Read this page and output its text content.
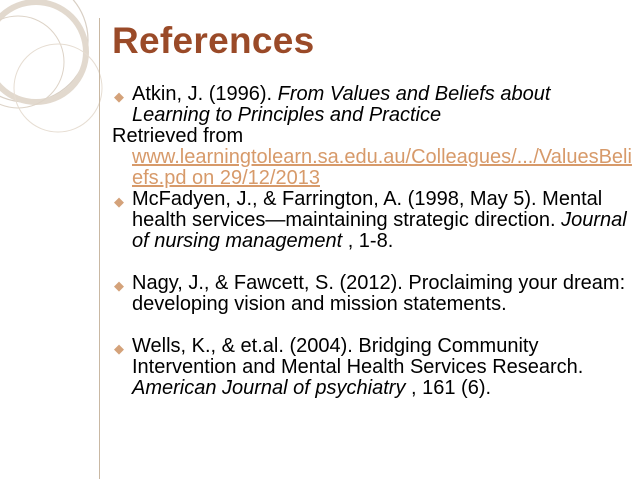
References
◆
Atkin, J. (1996). From Values and Beliefs about Learning to Principles and Practice
Retrieved from
www.learningtolearn.sa.edu.au/Colleagues/.../ValuesBeliefs.pd on 29/12/2013
◆
McFadyen, J., & Farrington, A. (1998, May 5). Mental health services—maintaining strategic direction. Journal of nursing management , 1-8.
◆
Nagy, J., & Fawcett, S. (2012). Proclaiming your dream: developing vision and mission statements.
◆
Wells, K., & et.al. (2004). Bridging Community Intervention and Mental Health Services Research. American Journal of psychiatry , 161 (6).
